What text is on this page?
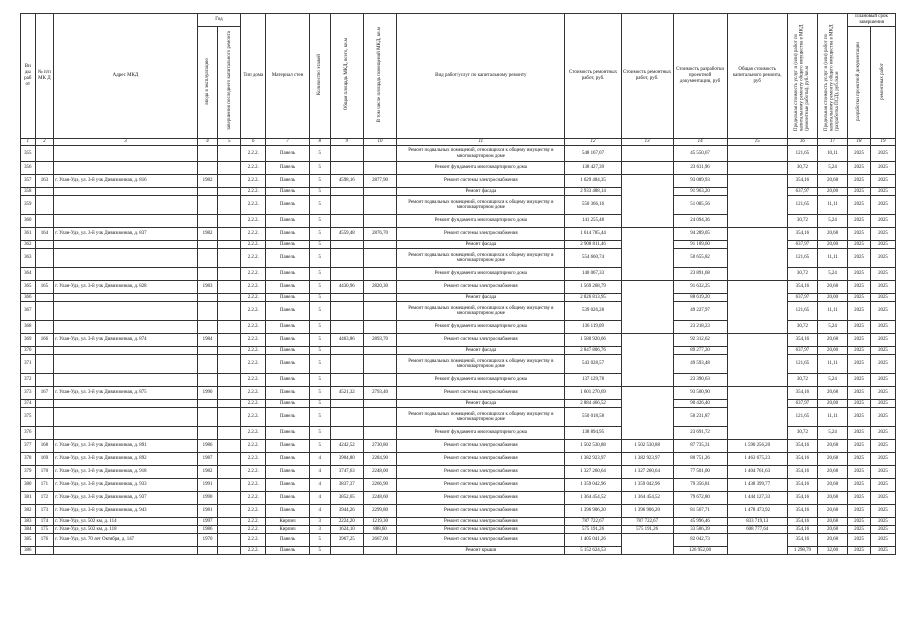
Ви ды раб от	№ п/п МК Д	Адрес МКД	Год		Тип дома	Материал стен	Количество этажей	Общая площадь МКД, всего, кв.м	В том числе площадь помещений МКД, кв.м	Вид работ/услуг по капитальному ремонту	Стоимость ремонтных работ, руб.	Стоимость ремонтных работ, руб.	Стоимость разработки проектной документации, руб	Общая стоимость капитального ремонта, руб	Предельная стоимость услуг и (или) работ по капитальному ремонту общего имущества в МКД (ремонтные работы), руб./кв.м	Предельная стоимость услуг и (или) работ по капитальному ремонту общего имущества в МКД (разработка ПСД), руб./кв.м	Плановый срок завершения	
			ввода в эксплуатацию	завершения последнего капитального ремонта													разработки проектной документации	ремонтных работ
1	2	3	4	5	6	7	8	9	10	11	12	13	14	15	16	17	18	19
355					2.2.2.	Панель	5			Ремонт подвальных помещений, относящихся к общему имуществу в многоквартирном доме	548 167,07		45 550,67		121,65	10,11	2025	2025
356					2.2.2.	Панель	5			Ремонт фундамента многоквартирного дома	138 427,39		23 611,96		30,72	5,24	2025	2025
357	163	г. Улан-Удэ, ул. 3-й учк Дивизионная, д. 816	1982		2.2.2.	Панель	5	4598,16	2877,90	Ремонт системы электроснабжения	1 629 484,35		93 089,93		354,16	20,68	2025	2025
358					2.2.2.	Панель	5			Ремонт фасада	2 933 488,14		91 963,20		637,97	20,00	2025	2025
359					2.2.2.	Панель	5			Ремонт подвальных помещений, относящихся к общему имуществу в многоквартирном доме	550 366,16		51 085,56		121,65	11,11	2025	2025
360					2.2.2.	Панель	5			Ремонт фундамента многоквартирного дома	141 255,48		24 094,36		30,72	5,24	2025	2025
361	164	г. Улан-Удэ, ул. 3-й учк Дивизионная, д. 837	1982		2.2.2.	Панель	5	4559,48	2876,70	Ремонт системы электроснабжения	1 614 785,44		94 289,05		354,16	20,68	2025	2025
362					2.2.2.	Панель	5			Ремонт фасада	2 908 811,46		91 189,60		637,97	20,00	2025	2025
363					2.2.2.	Панель	5			Ремонт подвальных помещений, относящихся к общему имуществу в многоквартирном доме	554 660,74		50 655,82		121,65	11,11	2025	2025
364					2.2.2.	Панель	5			Ремонт фундамента многоквартирного дома	140 067,33		23 891,68		30,72	5,24	2025	2025
365	165	г. Улан-Удэ, ул. 3-й учк Дивизионная, д. 828	1983		2.2.2.	Панель	5	4430,96	2820,30	Ремонт системы электроснабжения	1 569 268,79		91 632,25		354,16	20,68	2025	2025
366					2.2.2.	Панель	5			Ремонт фасада	2 826 813,95		88 619,20		637,97	20,00	2025	2025
367					2.2.2.	Панель	5			Ремонт подвальных помещений, относящихся к общему имуществу в многоквартирном доме	539 026,28		49 227,97		121,65	11,11	2025	2025
368					2.2.2.	Панель	5			Ремонт фундамента многоквартирного дома	136 119,09		23 218,23		30,72	5,24	2025	2025
369	166	г. Улан-Удэ, ул. 3-й учк Дивизионная, д. 874	1984		2.2.2.	Панель	5	4463,86	2893,70	Ремонт системы электроснабжения	1 580 920,66		92 312,62		354,16	20,68	2025	2025
370					2.2.2.	Панель	5			Ремонт фасада	2 847 806,76		89 277,20		637,97	20,00	2025	2025
371					2.2.2.	Панель	5			Ремонт подвальных помещений, относящихся к общему имуществу в многоквартирном доме	543 028,57		49 593,48		121,65	11,11	2025	2025
372					2.2.2.	Панель	5			Ремонт фундамента многоквартирного дома	137 129,78		23 390,63		30,72	5,24	2025	2025
373	167	г. Улан-Удэ, ул. 3-й учк Дивизионная, д. 875	1990		2.2.2.	Панель	5	4521,32	2793,40	Ремонт системы электроснабжения	1 601 270,69		93 500,90		354,16	20,68	2025	2025
374					2.2.2.	Панель	5			Ремонт фасада	2 884 466,52		90 426,40		637,97	20,00	2025	2025
375					2.2.2.	Панель	5			Ремонт подвальных помещений, относящихся к общему имуществу в многоквартирном доме	550 018,58		50 231,87		121,65	11,11	2025	2025
376					2.2.2.	Панель	5			Ремонт фундамента многоквартирного дома	138 894,95		23 691,72		30,72	5,24	2025	2025
377	168	г. Улан-Удэ, ул. 3-й учк Дивизионная, д. 891	1986		2.2.2.	Панель	5	4242,52	2730,80	Ремонт системы электроснабжения	1 502 530,88	1 502 530,88	87 735,31	1 590 256,20	354,16	20,68	2025	2025
378	169	г. Улан-Удэ, ул. 3-й учк Дивизионная, д. 892	1987		2.2.2.	Панель	4	3904,80	2284,90	Ремонт системы электроснабжения	1 382 923,97	1 382 923,97	80 751,26	1 463 675,23	354,16	20,68	2025	2025
379	170	г. Улан-Удэ, ул. 3-й учк Дивизионная, д. 918	1982		2.2.2.	Панель	4	3747,63	2248,00	Ремонт системы электроснабжения	1 327 260,64	1 327 260,64	77 501,00	1 404 761,63	354,16	20,68	2025	2025
380	171	г. Улан-Удэ, ул. 3-й учк Дивизионная, д. 933	1991		2.2.2.	Панель	4	3837,37	2266,90	Ремонт системы электроснабжения	1 359 042,96	1 359 042,96	79 356,81	1 438 399,77	354,16	20,68	2025	2025
381	172	г. Улан-Удэ, ул. 3-й учк Дивизионная, д. 937	1990		2.2.2.	Панель	4	3852,65	2248,60	Ремонт системы электроснабжения	1 364 454,52	1 364 454,52	79 672,80	1 444 127,33	354,16	20,68	2025	2025
382	173	г. Улан-Удэ, ул. 3-й учк Дивизионная, д. 943	1981		2.2.2.	Панель	4	3944,26	2299,80	Ремонт системы электроснабжения	1 396 906,20	1 396 906,20	81 567,71	1 478 473,92	354,16	20,68	2025	2025
383	174	г. Улан-Удэ, ул. 502 км, д. 114	1997		2.2.2.	Кирпич	3	2224,20	1219,30	Ремонт системы электроснабжения	787 722,67	787 722,67	45 996,46	833 719,13	354,16	20,68	2025	2025
384	175	г. Улан-Удэ, ул. 502 км, д. 118	1986		2.2.2.	Кирпич	3	1624,10	888,60	Ремонт системы электроснабжения	575 191,26	575 191,26	33 586,39	608 777,64	354,16	20,68	2025	2025
385	176	г. Улан-Удэ, ул. 70 лет Октября, д. 147	1970		2.2.2.	Панель	5	3967,25	2667,00	Ремонт системы электроснабжения	1 405 041,26		82 042,73		354,16	20,68	2025	2025
386					2.2.2.	Панель	5			Ремонт крыши	5 152 624,53		126 952,00		1 298,79	32,00	2025	2025
